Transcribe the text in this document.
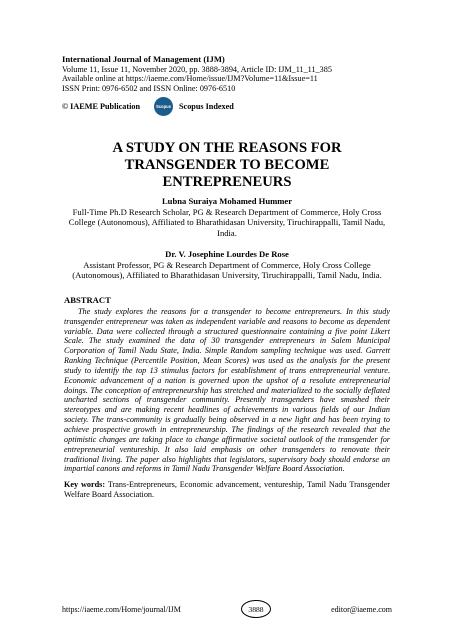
International Journal of Management (IJM)
Volume 11, Issue 11, November 2020, pp. 3888-3894, Article ID: IJM_11_11_385
Available online at https://iaeme.com/Home/issue/IJM?Volume=11&Issue=11
ISSN Print: 0976-6502 and ISSN Online: 0976-6510
© IAEME Publication	Scopus Scopus Indexed
A STUDY ON THE REASONS FOR TRANSGENDER TO BECOME ENTREPRENEURS
Lubna Suraiya Mohamed Hummer
Full-Time Ph.D Research Scholar, PG & Research Department of Commerce, Holy Cross College (Autonomous), Affiliated to Bharathidasan University, Tiruchirappalli, Tamil Nadu, India.
Dr. V. Josephine Lourdes De Rose
Assistant Professor, PG & Research Department of Commerce, Holy Cross College (Autonomous), Affiliated to Bharathidasan University, Tiruchirappalli, Tamil Nadu, India.
ABSTRACT

The study explores the reasons for a transgender to become entrepreneurs. In this study transgender entrepreneur was taken as independent variable and reasons to become as dependent variable. Data were collected through a structured questionnaire containing a five point Likert Scale. The study examined the data of 30 transgender entrepreneurs in Salem Municipal Corporation of Tamil Nadu State, India. Simple Random sampling technique was used. Garrett Ranking Technique (Percentile Position, Mean Scores) was used as the analysis for the present study to identify the top 13 stimulus factors for establishment of trans entrepreneurial venture. Economic advancement of a nation is governed upon the upshot of a resolute entrepreneurial doings. The conception of entrepreneurship has stretched and materialized to the socially deflated uncharted sections of transgender community. Presently transgenders have smashed their stereotypes and are making recent headlines of achievements in various fields of our Indian society. The trans-community is gradually being observed in a new light and has been trying to achieve prospective growth in entrepreneurship. The findings of the research revealed that the optimistic changes are taking place to change affirmative societal outlook of the transgender for entrepreneurial ventureship. It also laid emphasis on other transgenders to renovate their traditional living. The paper also highlights that legislators, supervisory body should endorse an impartial canons and reforms in Tamil Nadu Transgender Welfare Board Association.

Key words: Trans-Entrepreneurs, Economic advancement, ventureship, Tamil Nadu Transgender Welfare Board Association.
https://iaeme.com/Home/journal/IJM	3888	editor@iaeme.com
